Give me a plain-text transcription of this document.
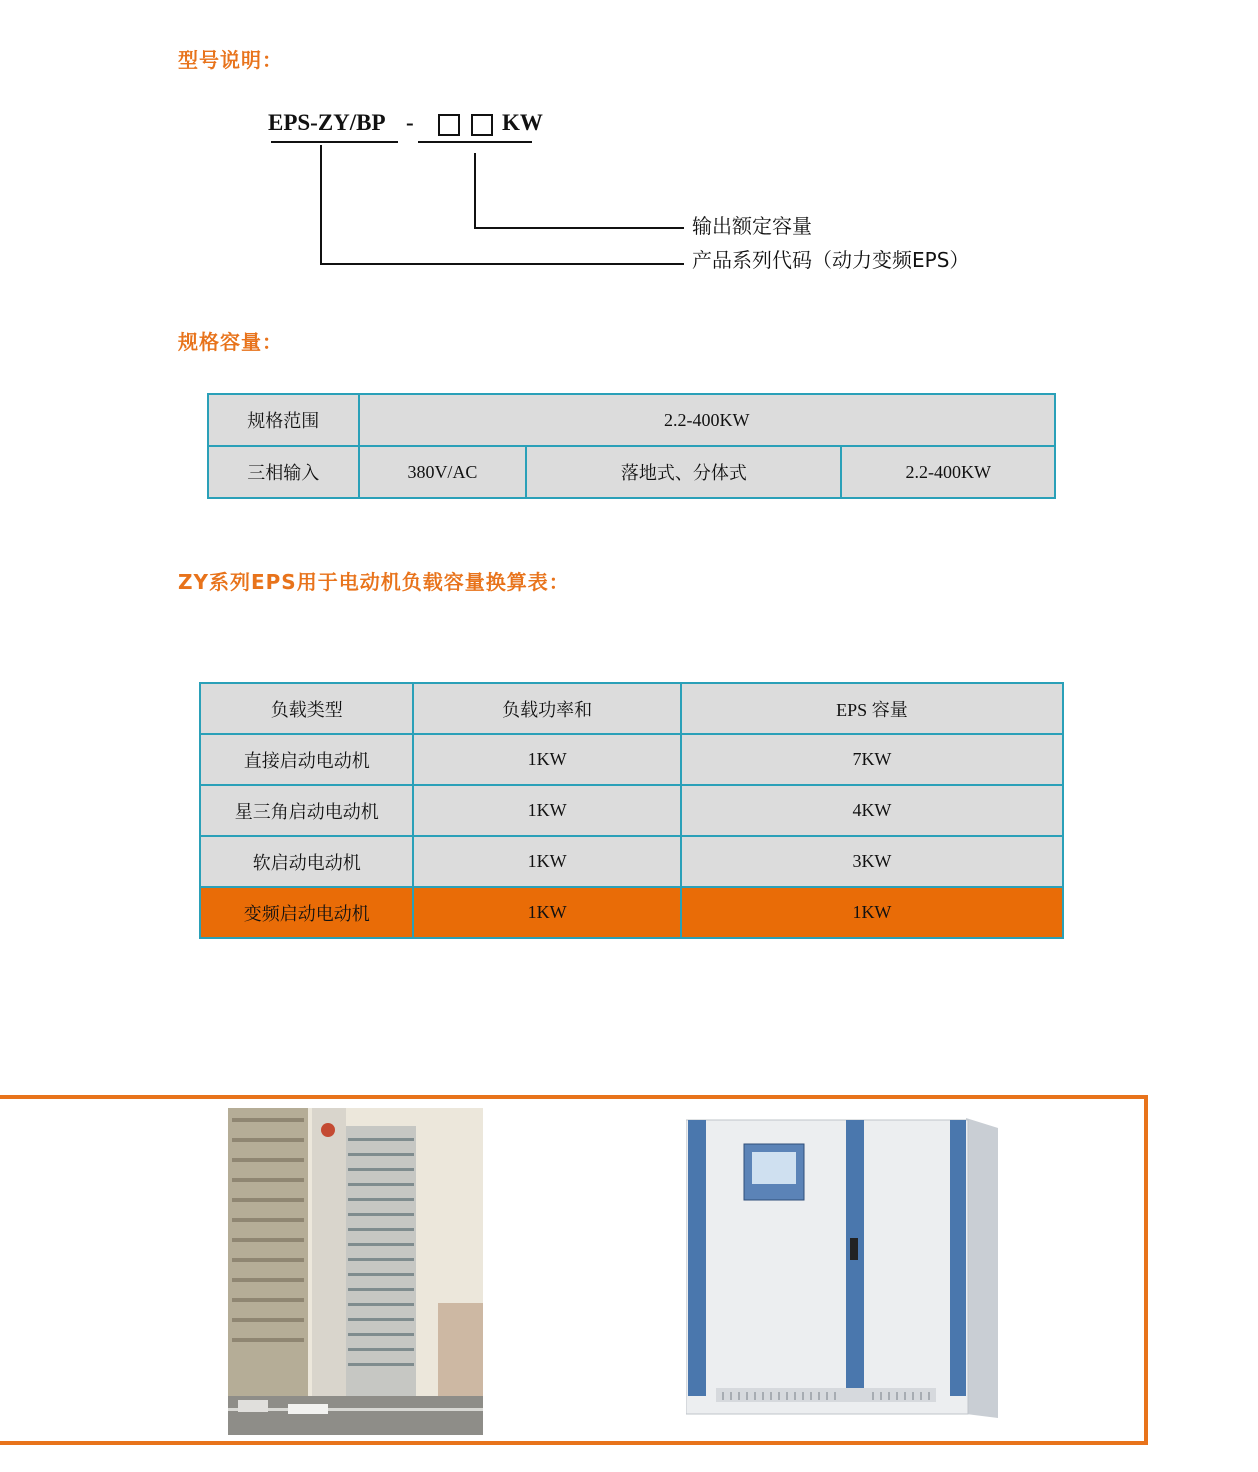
型号说明：
EPS-ZY/BP -	KW
输出额定容量
产品系列代码（动力变频EPS）
规格容量：
规格范围	2.2-400KW		
三相输入	380V/AC	落地式、分体式	2.2-400KW
ZY系列EPS用于电动机负载容量换算表：
负载类型	负载功率和	EPS 容量
直接启动电动机	1KW	7KW
星三角启动电动机	1KW	4KW
软启动电动机	1KW	3KW
变频启动电动机	1KW	1KW
